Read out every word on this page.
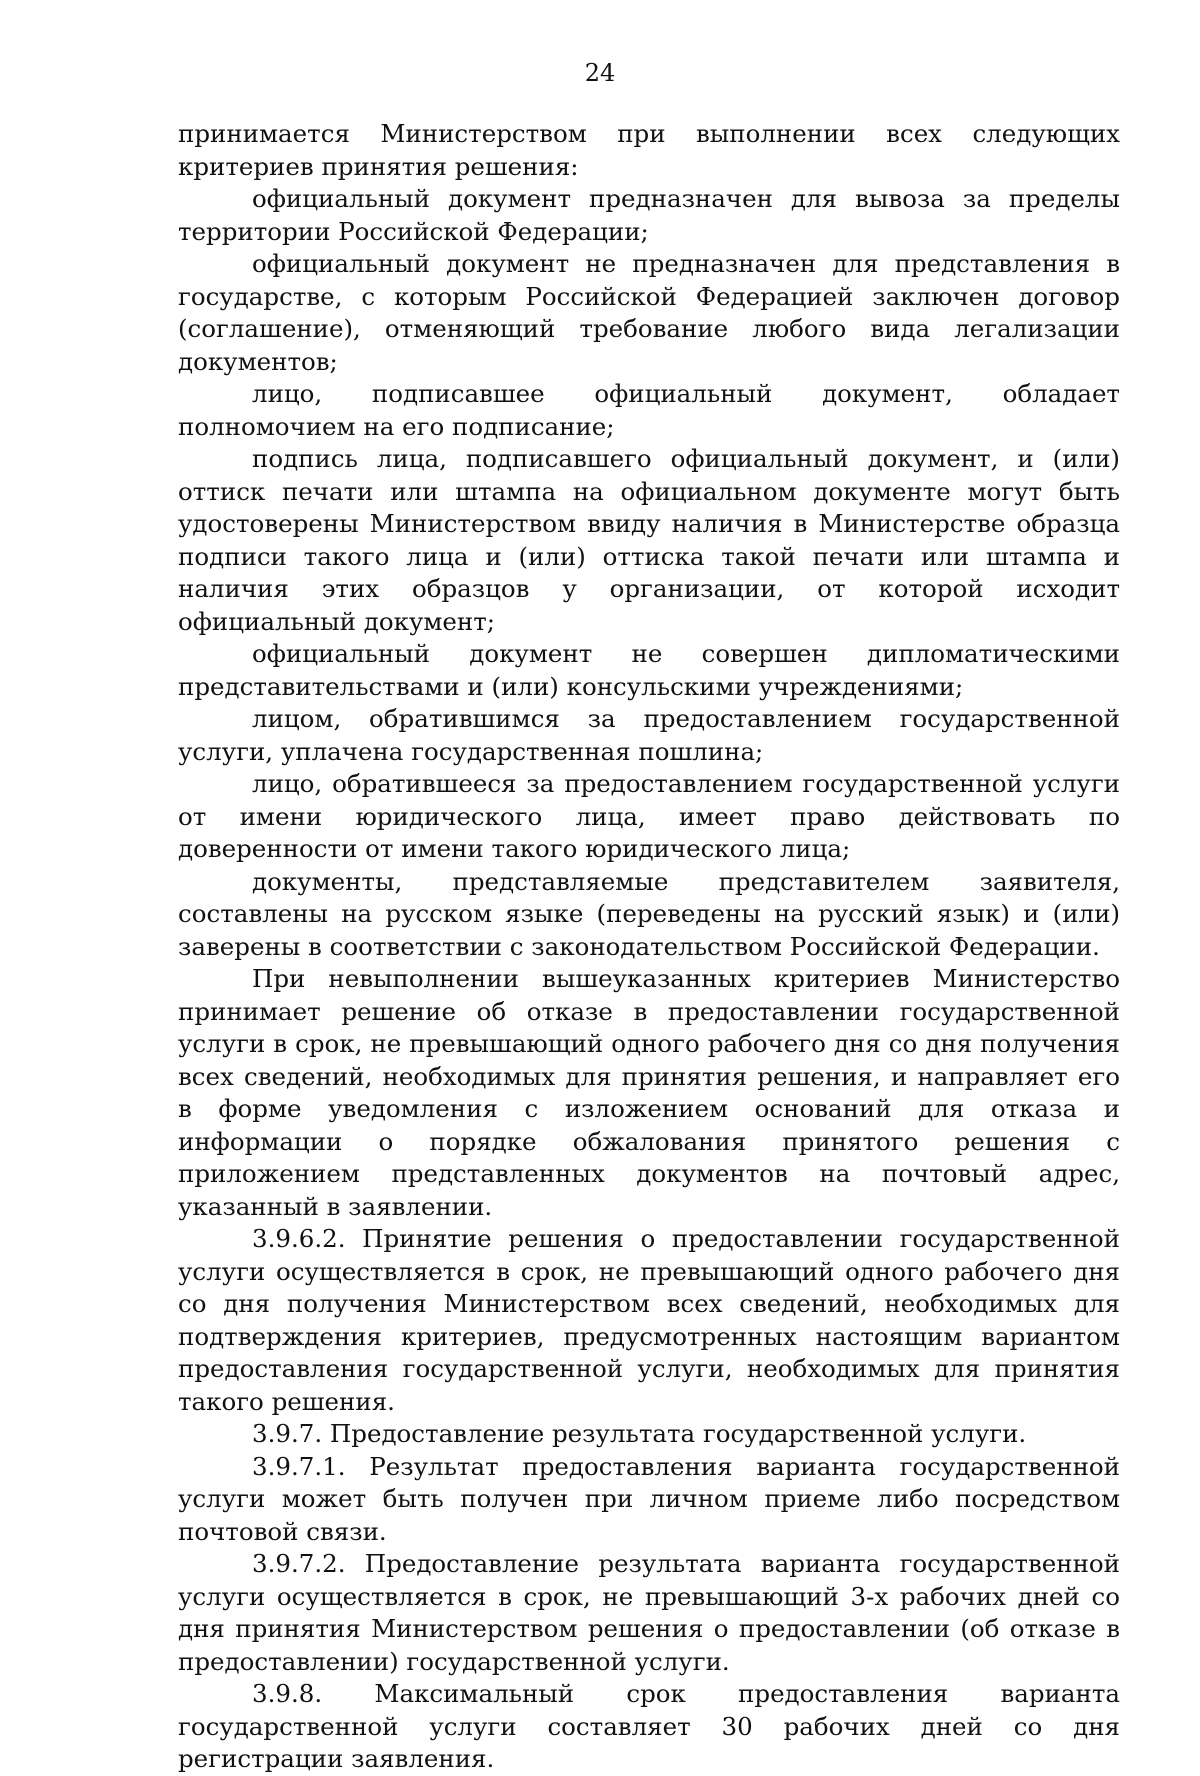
24

принимается Министерством при выполнении всех следующих критериев принятия решения:

официальный документ предназначен для вывоза за пределы территории Российской Федерации;

официальный документ не предназначен для представления в государстве, с которым Российской Федерацией заключен договор (соглашение), отменяющий требование любого вида легализации документов;

лицо, подписавшее официальный документ, обладает полномочием на его подписание;

подпись лица, подписавшего официальный документ, и (или) оттиск печати или штампа на официальном документе могут быть удостоверены Министерством ввиду наличия в Министерстве образца подписи такого лица и (или) оттиска такой печати или штампа и наличия этих образцов у организации, от которой исходит официальный документ;

официальный документ не совершен дипломатическими представительствами и (или) консульскими учреждениями;

лицом, обратившимся за предоставлением государственной услуги, уплачена государственная пошлина;

лицо, обратившееся за предоставлением государственной услуги от имени юридического лица, имеет право действовать по доверенности от имени такого юридического лица;

документы, представляемые представителем заявителя, составлены на русском языке (переведены на русский язык) и (или) заверены в соответствии с законодательством Российской Федерации.

При невыполнении вышеуказанных критериев Министерство принимает решение об отказе в предоставлении государственной услуги в срок, не превышающий одного рабочего дня со дня получения всех сведений, необходимых для принятия решения, и направляет его в форме уведомления с изложением оснований для отказа и информации о порядке обжалования принятого решения с приложением представленных документов на почтовый адрес, указанный в заявлении.

3.9.6.2. Принятие решения о предоставлении государственной услуги осуществляется в срок, не превышающий одного рабочего дня со дня получения Министерством всех сведений, необходимых для подтверждения критериев, предусмотренных настоящим вариантом предоставления государственной услуги, необходимых для принятия такого решения.

3.9.7. Предоставление результата государственной услуги.

3.9.7.1. Результат предоставления варианта государственной услуги может быть получен при личном приеме либо посредством почтовой связи.

3.9.7.2. Предоставление результата варианта государственной услуги осуществляется в срок, не превышающий 3-х рабочих дней со дня принятия Министерством решения о предоставлении (об отказе в предоставлении) государственной услуги.

3.9.8. Максимальный срок предоставления варианта государственной услуги составляет 30 рабочих дней со дня регистрации заявления.
